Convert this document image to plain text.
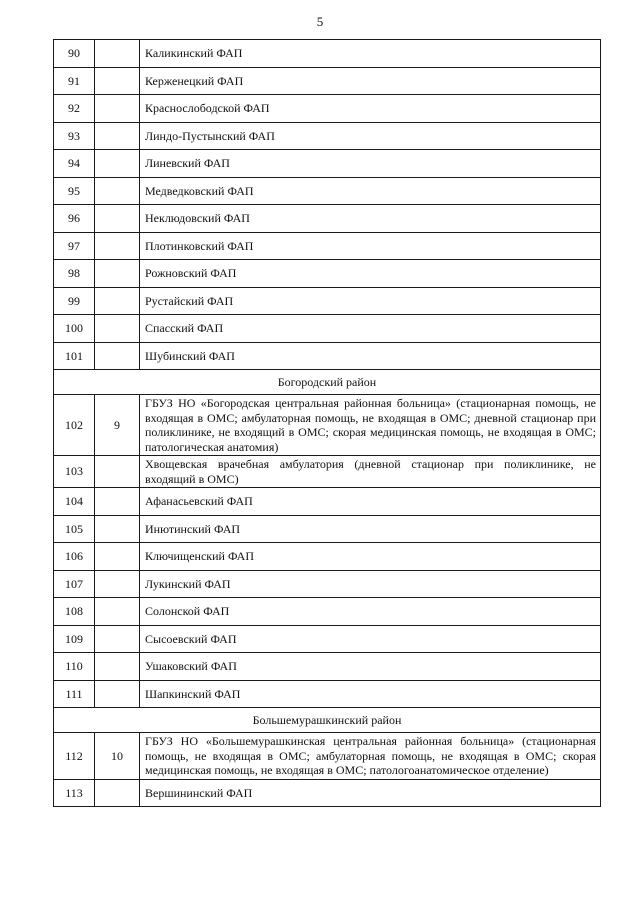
5
90		Каликинский ФАП
91		Керженецкий ФАП
92		Краснослободской ФАП
93		Линдо-Пустынский ФАП
94		Линевский ФАП
95		Медведковский ФАП
96		Неклюдовский ФАП
97		Плотинковский ФАП
98		Рожновский ФАП
99		Рустайский ФАП
100		Спасский ФАП
101		Шубинский ФАП
Богородский район		
102	9	ГБУЗ НО «Богородская центральная районная больница» (стационарная помощь, не входящая в ОМС; амбулаторная помощь, не входящая в ОМС; дневной стационар при поликлинике, не входящий в ОМС; скорая медицинская помощь, не входящая в ОМС; патологическая анатомия)
103		Хвощевская врачебная амбулатория (дневной стационар при поликлинике, не входящий в ОМС)
104		Афанасьевский ФАП
105		Инютинский ФАП
106		Ключищенский ФАП
107		Лукинский ФАП
108		Солонской ФАП
109		Сысоевский ФАП
110		Ушаковский ФАП
111		Шапкинский ФАП
Большемурашкинский район		
112	10	ГБУЗ НО «Большемурашкинская центральная районная больница» (стационарная помощь, не входящая в ОМС; амбулаторная помощь, не входящая в ОМС; скорая медицинская помощь, не входящая в ОМС; патологоанатомическое отделение)
113		Вершининский ФАП
